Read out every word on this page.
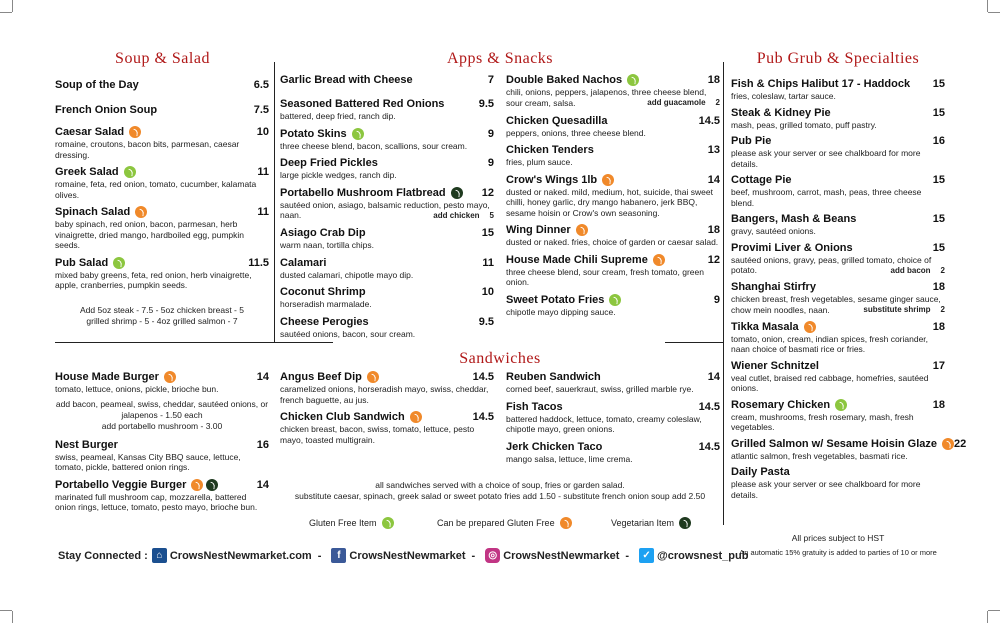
Soup & Salad	Apps & Snacks	Pub Grub & Specialties
Sandwiches
Soup of the Day	6.5
French Onion Soup	7.5
Caesar Salad	10
romaine, croutons, bacon bits, parmesan, caesar dressing.
Greek Salad	11
romaine, feta, red onion, tomato, cucumber, kalamata olives.
Spinach Salad	11
baby spinach, red onion, bacon, parmesan, herb vinaigrette, dried mango, hardboiled egg, pumpkin seeds.
Pub Salad	11.5
mixed baby greens, feta, red onion, herb vinaigrette, apple, cranberries, pumpkin seeds.
Add 5oz steak - 7.5 - 5oz chicken breast - 5
grilled shrimp - 5 - 4oz grilled salmon - 7
Garlic Bread with Cheese	7
Seasoned Battered Red Onions	9.5
battered, deep fried, ranch dip.
Potato Skins	9
three cheese blend, bacon, scallions, sour cream.
Deep Fried Pickles	9
large pickle wedges, ranch dip.
Portabello Mushroom Flatbread	12
sautéed onion, asiago, balsamic reduction, pesto mayo, naan.	add chicken 5
Asiago Crab Dip	15
warm naan, tortilla chips.
Calamari	11
dusted calamari, chipotle mayo dip.
Coconut Shrimp	10
horseradish marmalade.
Cheese Perogies	9.5
sautéed onions, bacon, sour cream.
Double Baked Nachos	18
chili, onions, peppers, jalapenos, three cheese blend, sour cream, salsa.	add guacamole 2
Chicken Quesadilla	14.5
peppers, onions, three cheese blend.
Chicken Tenders	13
fries, plum sauce.
Crow's Wings 1lb	14
dusted or naked. mild, medium, hot, suicide, thai sweet chilli, honey garlic, dry mango habanero, jerk BBQ, sesame hoisin or Crow's own seasoning.
Wing Dinner	18
dusted or naked. fries, choice of garden or caesar salad.
House Made Chili Supreme	12
three cheese blend, sour cream, fresh tomato, green onion.
Sweet Potato Fries	9
chipotle mayo dipping sauce.
Fish & Chips Halibut 17 - Haddock 15
fries, coleslaw, tartar sauce.
Steak & Kidney Pie	15
mash, peas, grilled tomato, puff pastry.
Pub Pie	16
please ask your server or see chalkboard for more details.
Cottage Pie	15
beef, mushroom, carrot, mash, peas, three cheese blend.
Bangers, Mash & Beans	15
gravy, sautéed onions.
Provimi Liver & Onions	15
sautéed onions, gravy, peas, grilled tomato, choice of potato.	add bacon 2
Shanghai Stirfry	18
chicken breast, fresh vegetables, sesame ginger sauce, chow mein noodles, naan.	substitute shrimp 2
Tikka Masala	18
tomato, onion, cream, indian spices, fresh coriander, naan choice of basmati rice or fries.
Wiener Schnitzel	17
veal cutlet, braised red cabbage, homefries, sautéed onions.
Rosemary Chicken	18
cream, mushrooms, fresh rosemary, mash, fresh vegetables.
Grilled Salmon w/ Sesame Hoisin Glaze 22
atlantic salmon, fresh vegetables, basmati rice.
Daily Pasta
please ask your server or see chalkboard for more details.
House Made Burger	14
tomato, lettuce, onions, pickle, brioche bun.
add bacon, peameal, swiss, cheddar, sautéed onions, or jalapenos - 1.50 each
add portabello mushroom - 3.00
Nest Burger	16
swiss, peameal, Kansas City BBQ sauce, lettuce, tomato, pickle, battered onion rings.
Portabello Veggie Burger	14
marinated full mushroom cap, mozzarella, battered onion rings, lettuce, tomato, pesto mayo, brioche bun.
Angus Beef Dip	14.5
caramelized onions, horseradish mayo, swiss, cheddar, french baguette, au jus.
Chicken Club Sandwich	14.5
chicken breast, bacon, swiss, tomato, lettuce, pesto mayo, toasted multigrain.
Reuben Sandwich	14
corned beef, sauerkraut, swiss, grilled marble rye.
Fish Tacos	14.5
battered haddock, lettuce, tomato, creamy coleslaw, chipotle mayo, green onions.
Jerk Chicken Taco	14.5
mango salsa, lettuce, lime crema.
all sandwiches served with a choice of soup, fries or garden salad.
substitute caesar, spinach, greek salad or sweet potato fries add 1.50 - substitute french onion soup add 2.50
Gluten Free Item	Can be prepared Gluten Free	Vegetarian Item
All prices subject to HST
An automatic 15% gratuity is added to parties of 10 or more
Stay Connected : ⌂ CrowsNestNewmarket.com -	f CrowsNestNewmarket -	◎ CrowsNestNewmarket -	✓ @crowsnest_pub
